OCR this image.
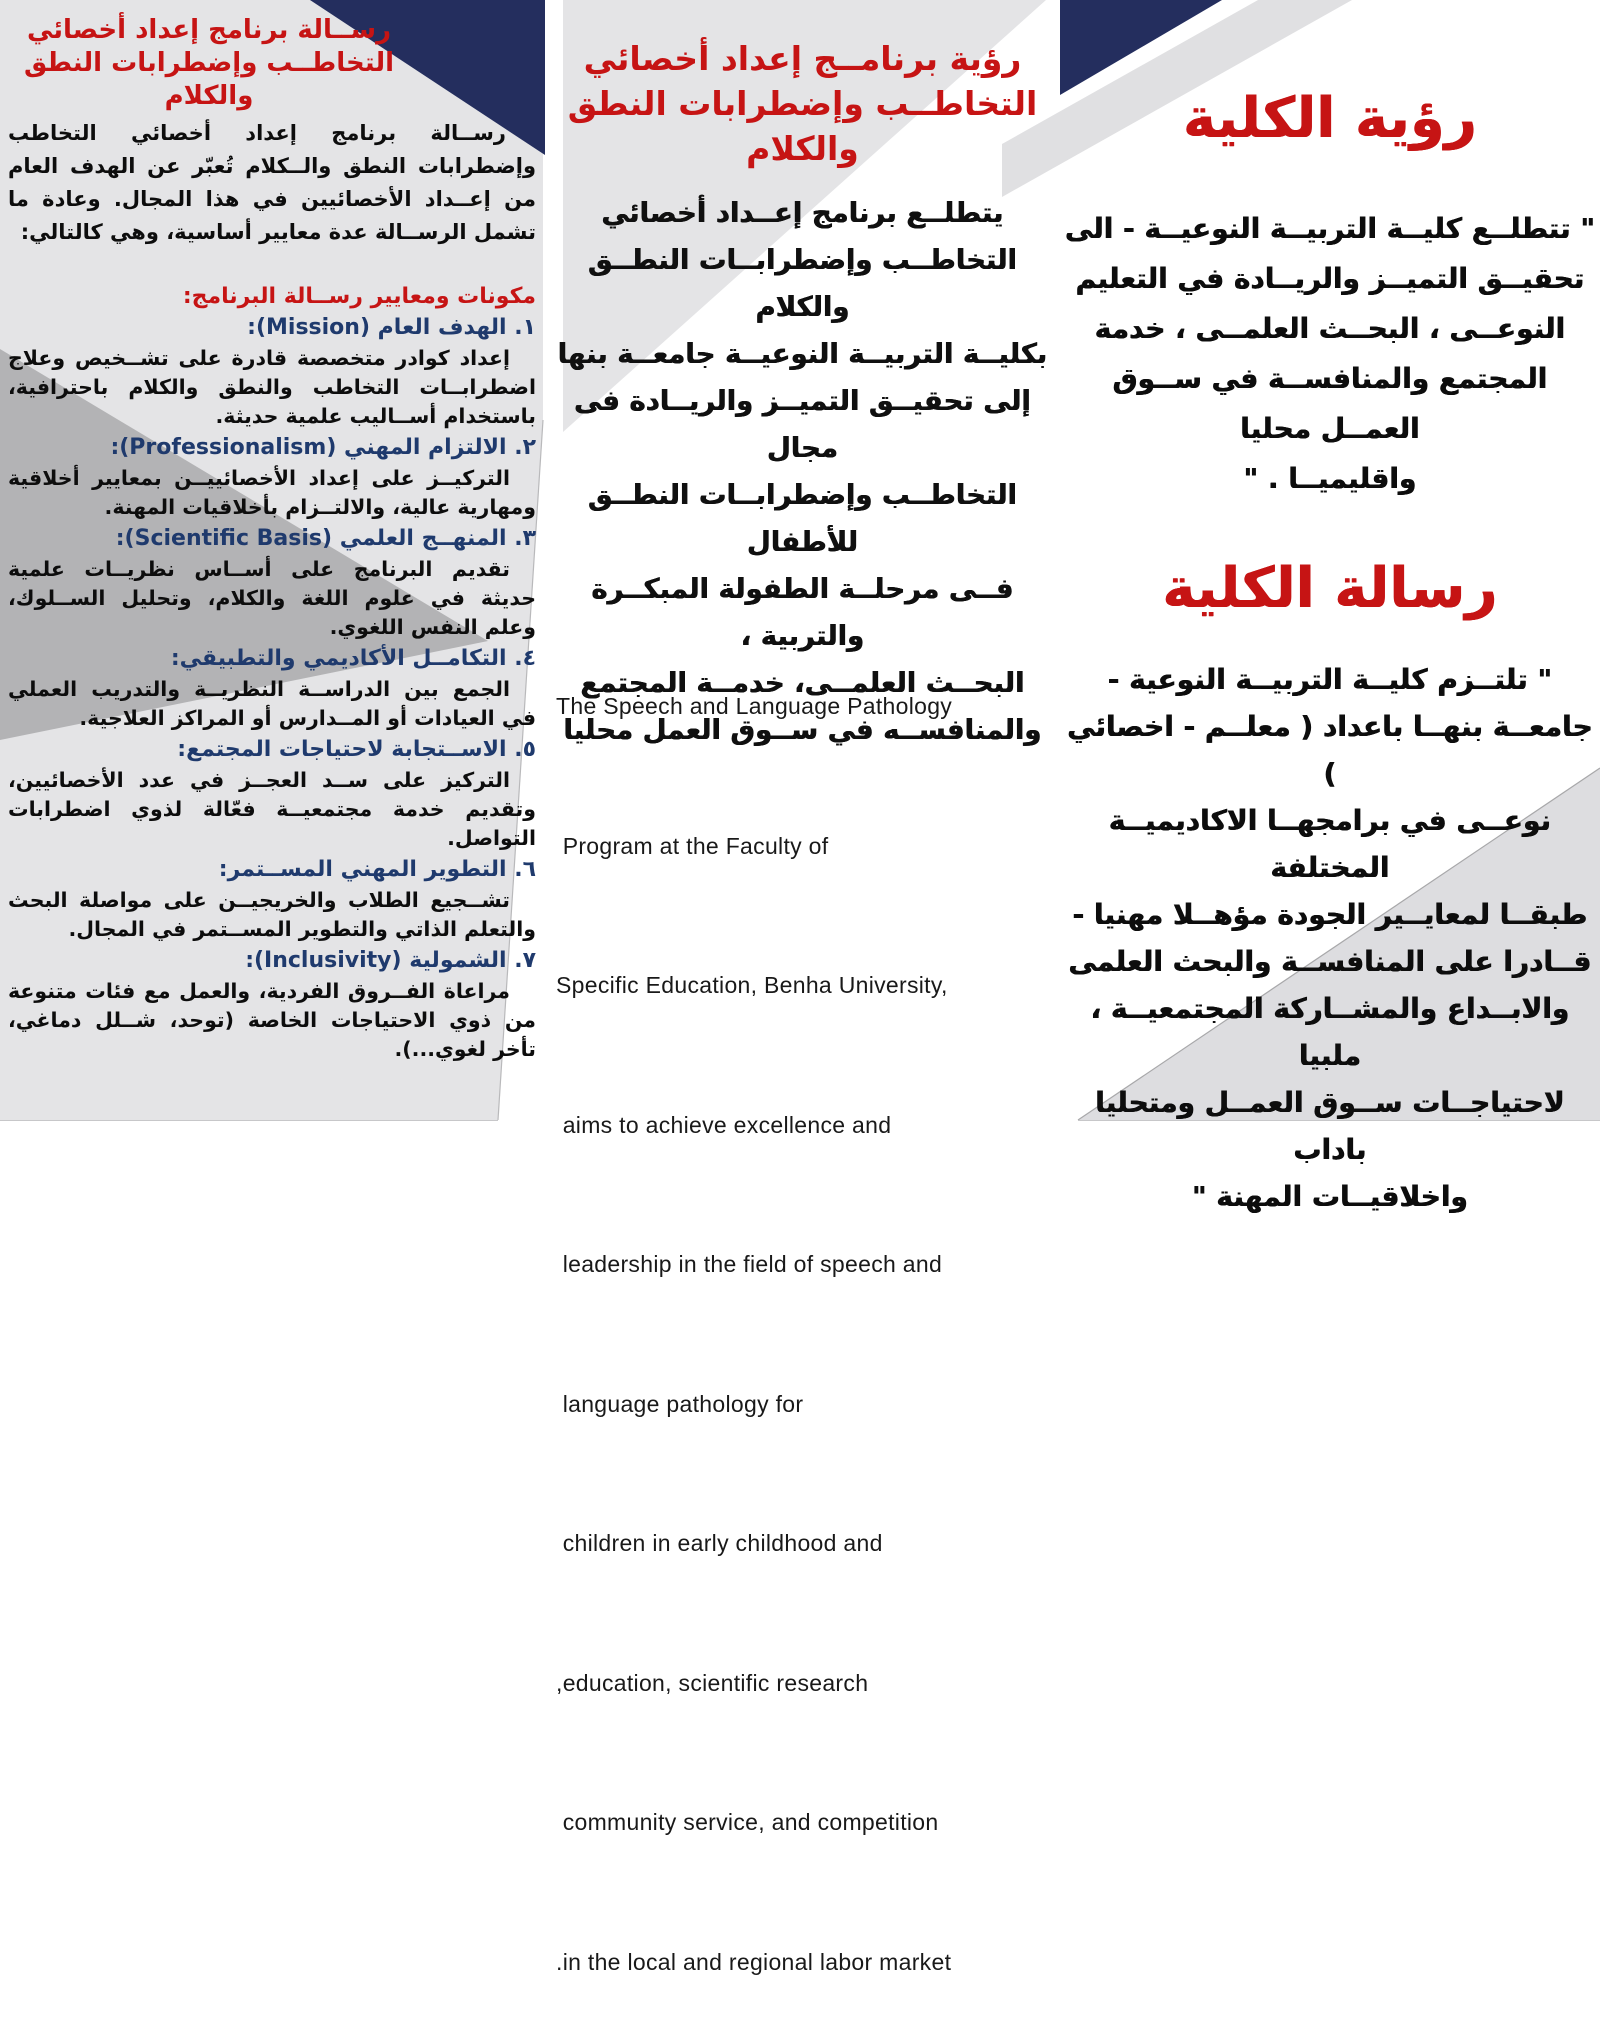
رســالة برنامج إعداد أخصائي
التخاطــب وإضطرابات النطق
والكلام
رســالة برنامج إعداد أخصائي التخاطب وإضطرابات النطق والــكلام تُعبّر عن الهدف العام من إعــداد الأخصائيين في هذا المجال. وعادة ما تشمل الرســالة عدة معايير أساسية، وهي كالتالي:
مكونات ومعايير رســالة البرنامج:
١. الهدف العام (Mission):
إعداد كوادر متخصصة قادرة على تشــخيص وعلاج اضطرابــات التخاطب والنطق والكلام باحترافية، باستخدام أســاليب علمية حديثة.
٢. الالتزام المهني (Professionalism):
التركيــز على إعداد الأخصائييــن بمعايير أخلاقية ومهارية عالية، والالتــزام بأخلاقيات المهنة.
٣. المنهــج العلمي (Scientific Basis):
تقديم البرنامج على أســاس نظريــات علمية حديثة في علوم اللغة والكلام، وتحليل الســلوك، وعلم النفس اللغوي.
٤. التكامــل الأكاديمي والتطبيقي:
الجمع بين الدراســة النظريــة والتدريب العملي في العيادات أو المــدارس أو المراكز العلاجية.
٥. الاســتجابة لاحتياجات المجتمع:
التركيز على ســد العجــز في عدد الأخصائيين، وتقديم خدمة مجتمعيــة فعّالة لذوي اضطرابات التواصل.
٦. التطوير المهني المســتمر:
تشــجيع الطلاب والخريجيــن على مواصلة البحث والتعلم الذاتي والتطوير المســتمر في المجال.
٧. الشمولية (Inclusivity):
مراعاة الفــروق الفردية، والعمل مع فئات متنوعة من ذوي الاحتياجات الخاصة (توحد، شــلل دماغي، تأخر لغوي...).
رؤية برنامــج إعداد أخصائي
التخاطــب وإضطرابات النطق
والكلام
يتطلــع برنامج إعــداد أخصائي
التخاطــب وإضطرابــات النطــق والكلام
بكليــة التربيــة النوعيــة جامعــة بنها
إلى تحقيــق التميــز والريــادة فى مجال
التخاطــب وإضطرابــات النطــق للأطفال
فــى مرحلــة الطفولة المبكــرة والتربية ،
البحــث العلمــى، خدمــة المجتمع
والمنافســه في ســوق العمل محليا

The Speech and Language Pathology

Program at the Faculty of

Specific Education, Benha University,

aims to achieve excellence and

leadership in the field of speech and

language pathology for

children in early childhood and

,education, scientific research

community service, and competition

.in the local and regional labor market

رؤية الكلية
" تتطلــع كليــة التربيــة النوعيــة - الى
تحقيــق التميــز والريــادة في التعليم
النوعــى ، البحــث العلمــى ، خدمة
المجتمع والمنافســة في ســوق العمــل محليا
واقليميــا . "
رسالة الكلية
" تلتــزم كليــة التربيــة النوعية -
جامعــة بنهــا باعداد ( معلــم - اخصائي )
نوعــى في برامجهــا الاكاديميــة المختلفة
طبقــا لمعايــير الجودة مؤهــلا مهنيا -
قــادرا على المنافســة والبحث العلمى
والابــداع والمشــاركة المجتمعيــة ، ملبيا
لاحتياجــات ســوق العمــل ومتحليا باداب
واخلاقيــات المهنة "
